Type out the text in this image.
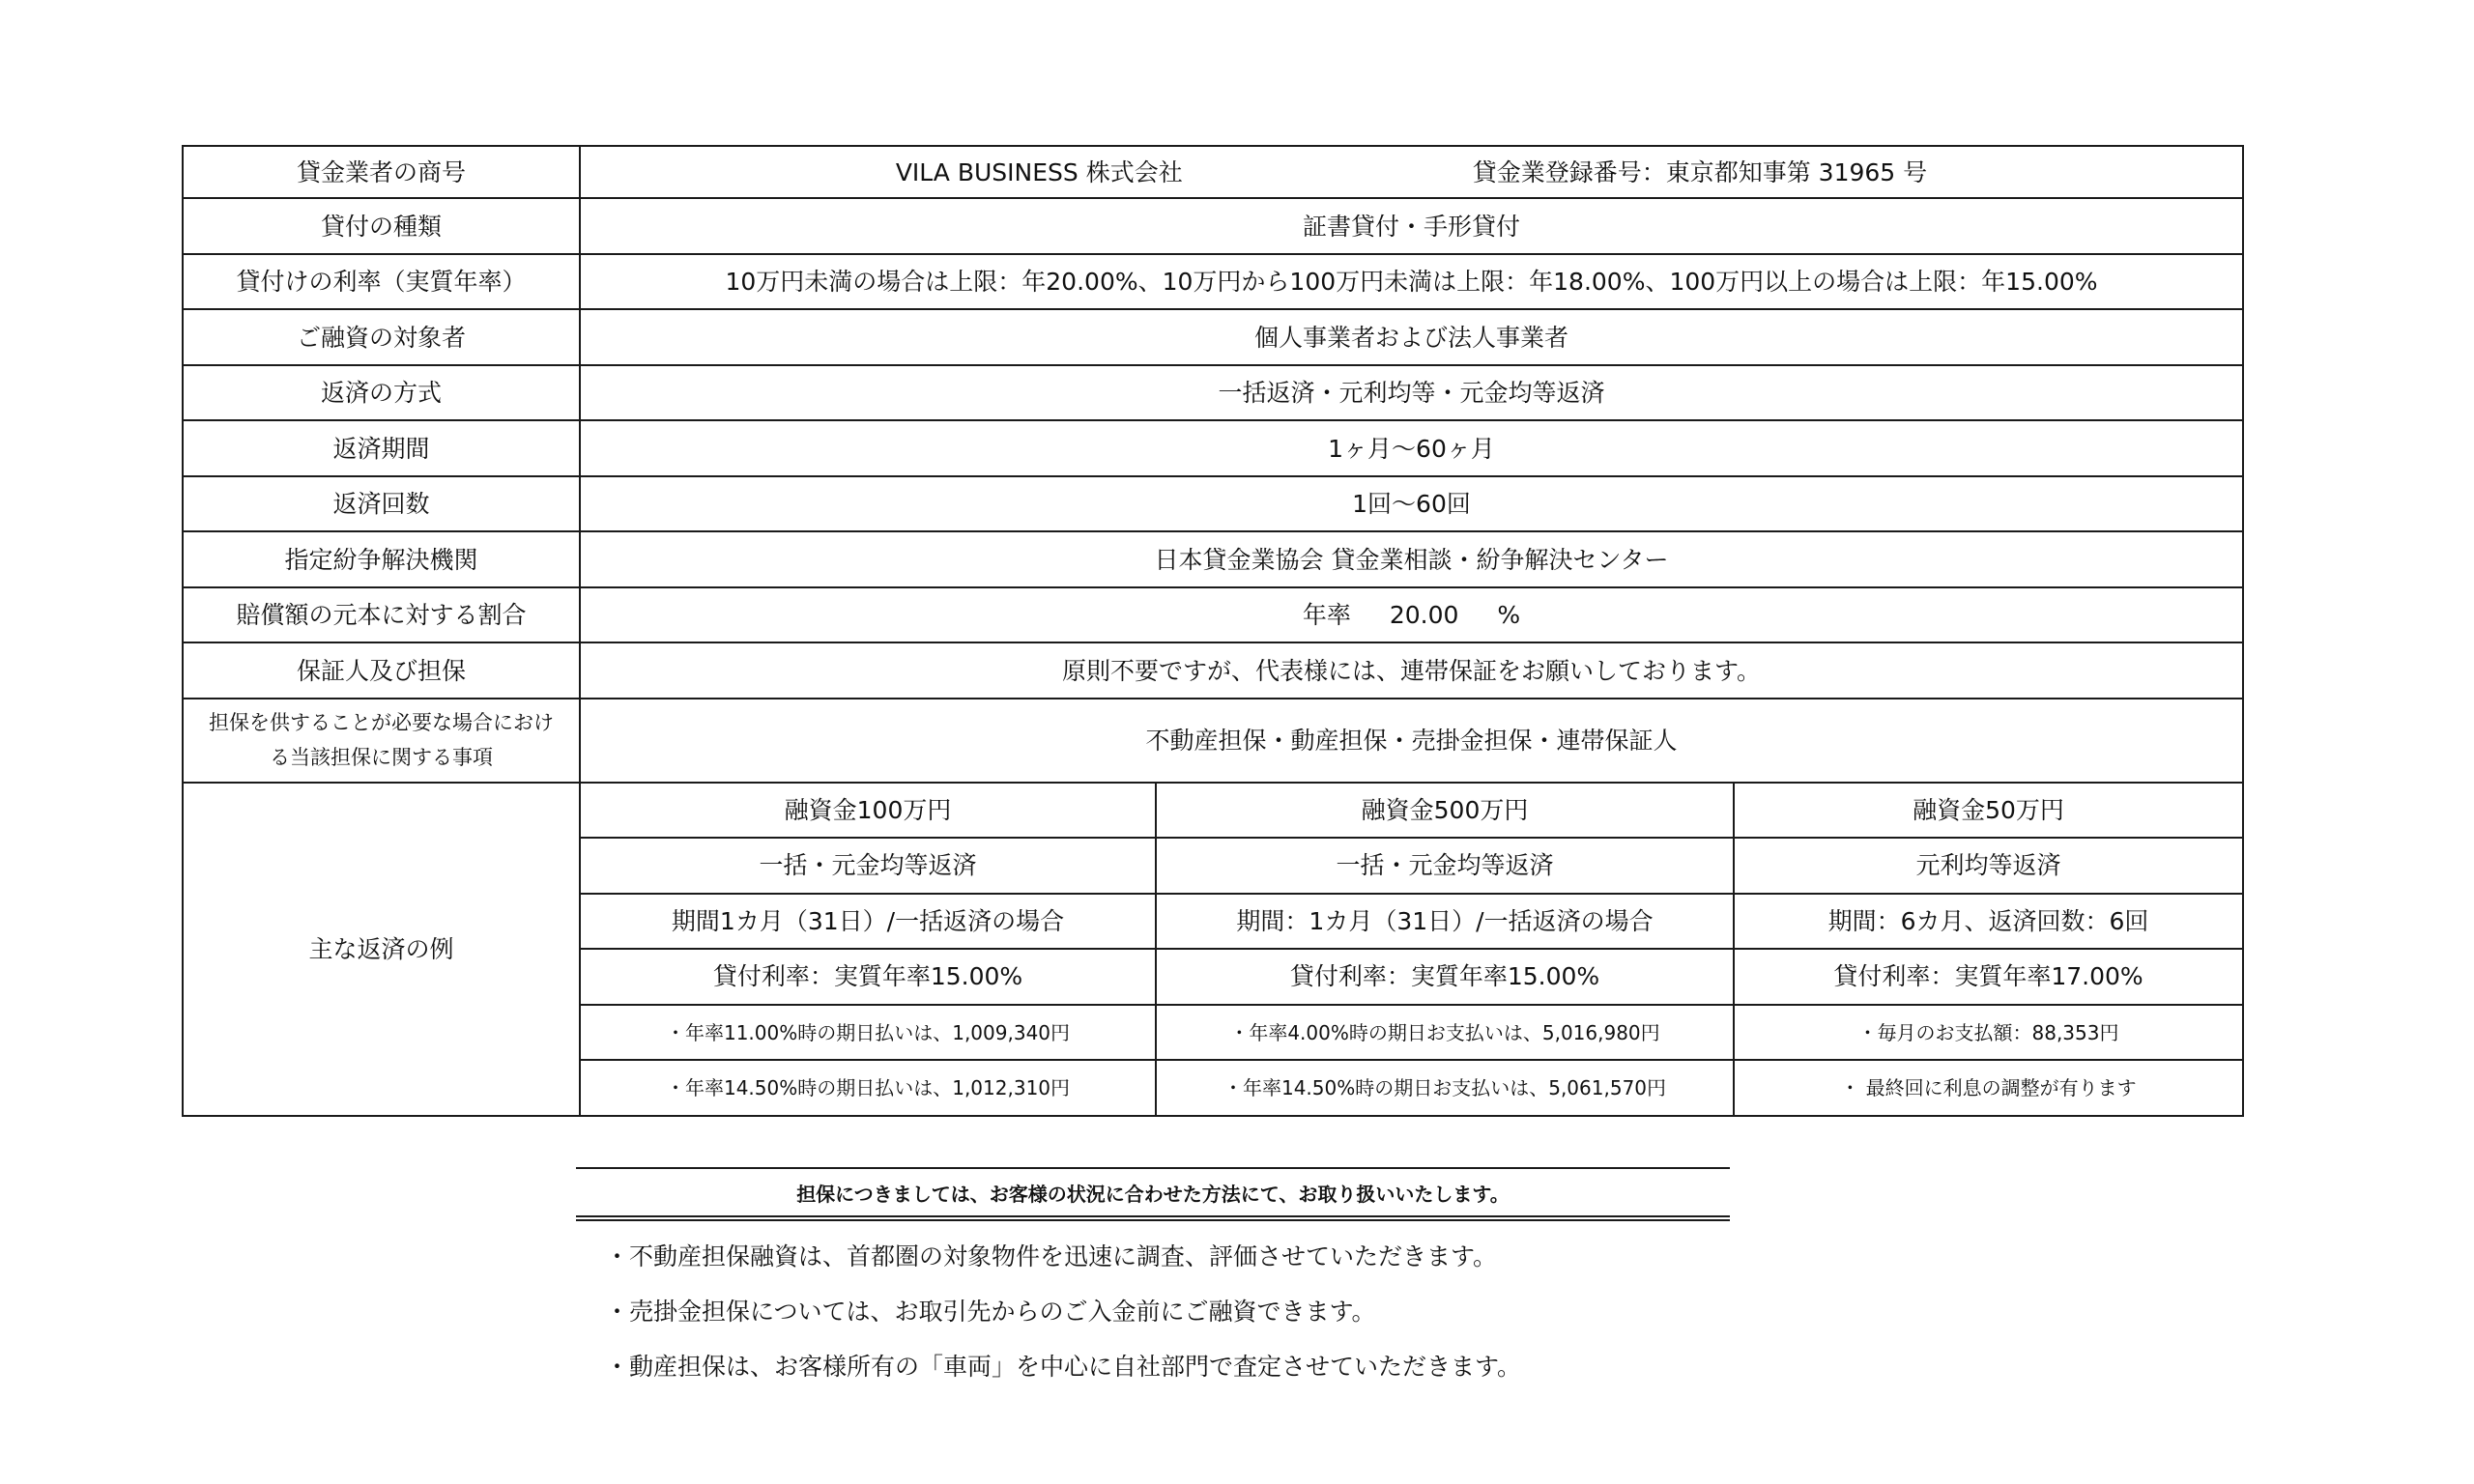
貸金業者の商号	VILA BUSINESS 株式会社 貸金業登録番号：東京都知事第 31965 号		
貸付の種類	証書貸付・手形貸付		
貸付けの利率（実質年率）	10万円未満の場合は上限：年20.00%、10万円から100万円未満は上限：年18.00%、100万円以上の場合は上限：年15.00%		
ご融資の対象者	個人事業者および法人事業者		
返済の方式	一括返済・元利均等・元金均等返済		
返済期間	1ヶ月〜60ヶ月		
返済回数	1回〜60回		
指定紛争解決機関	日本貸金業協会 貸金業相談・紛争解決センター		
賠償額の元本に対する割合	年率 20.00 %		
保証人及び担保	原則不要ですが、代表様には、連帯保証をお願いしております。		
担保を供することが必要な場合におけ
る当該担保に関する事項	不動産担保・動産担保・売掛金担保・連帯保証人		
主な返済の例	融資金100万円	融資金500万円	融資金50万円
	一括・元金均等返済	一括・元金均等返済	元利均等返済
	期間1カ月（31日）/一括返済の場合	期間：1カ月（31日）/一括返済の場合	期間：6カ月、返済回数：6回
	貸付利率：実質年率15.00%	貸付利率：実質年率15.00%	貸付利率：実質年率17.00%
	・年率11.00%時の期日払いは、1,009,340円	・年率4.00%時の期日お支払いは、5,016,980円	・毎月のお支払額：88,353円
	・年率14.50%時の期日払いは、1,012,310円	・年率14.50%時の期日お支払いは、5,061,570円	・ 最終回に利息の調整が有ります
担保につきましては、お客様の状況に合わせた方法にて、お取り扱いいたします。
・不動産担保融資は、首都圏の対象物件を迅速に調査、評価させていただきます。
・売掛金担保については、お取引先からのご入金前にご融資できます。
・動産担保は、お客様所有の「車両」を中心に自社部門で査定させていただきます。
